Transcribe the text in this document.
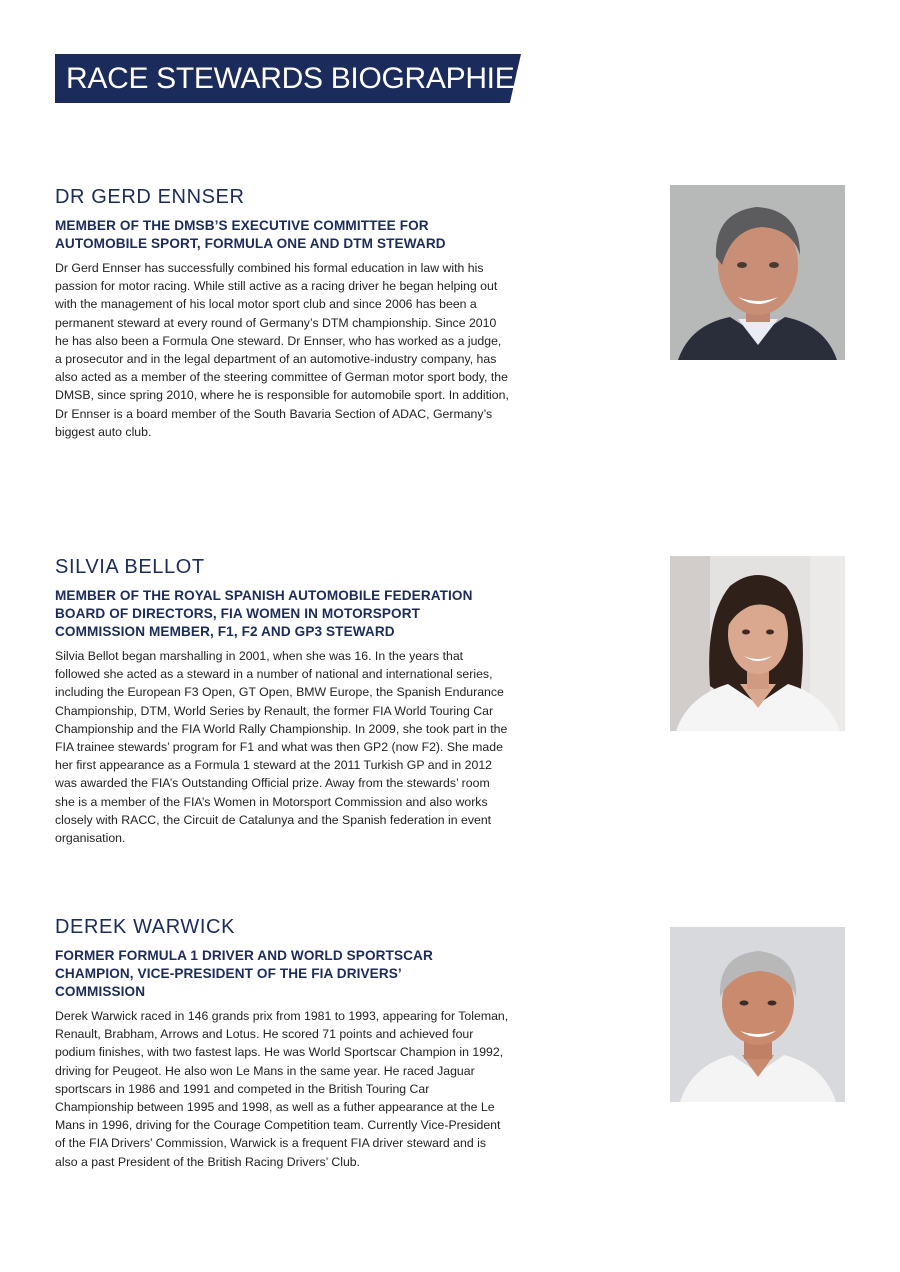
RACE STEWARDS BIOGRAPHIES
DR GERD ENNSER
MEMBER OF THE DMSB’S EXECUTIVE COMMITTEE FOR AUTOMOBILE SPORT, FORMULA ONE AND DTM STEWARD

Dr Gerd Ennser has successfully combined his formal education in law with his passion for motor racing. While still active as a racing driver he began helping out with the management of his local motor sport club and since 2006 has been a permanent steward at every round of Germany’s DTM championship. Since 2010 he has also been a Formula One steward. Dr Ennser, who has worked as a judge, a prosecutor and in the legal department of an automotive-industry company, has also acted as a member of the steering committee of German motor sport body, the DMSB, since spring 2010, where he is responsible for automobile sport. In addition, Dr Ennser is a board member of the South Bavaria Section of ADAC, Germany’s biggest auto club.

SILVIA BELLOT
MEMBER OF THE ROYAL SPANISH AUTOMOBILE FEDERATION BOARD OF DIRECTORS, FIA WOMEN IN MOTORSPORT COMMISSION MEMBER, F1, F2 AND GP3 STEWARD

Silvia Bellot began marshalling in 2001, when she was 16. In the years that followed she acted as a steward in a number of national and international series, including the European F3 Open, GT Open, BMW Europe, the Spanish Endurance Championship, DTM, World Series by Renault, the former FIA World Touring Car Championship and the FIA World Rally Championship. In 2009, she took part in the FIA trainee stewards’ program for F1 and what was then GP2 (now F2). She made her first appearance as a Formula 1 steward at the 2011 Turkish GP and in 2012 was awarded the FIA’s Outstanding Official prize. Away from the stewards’ room she is a member of the FIA’s Women in Motorsport Commission and also works closely with RACC, the Circuit de Catalunya and the Spanish federation in event organisation.

DEREK WARWICK
FORMER FORMULA 1 DRIVER AND WORLD SPORTSCAR CHAMPION, VICE-PRESIDENT OF THE FIA DRIVERS’ COMMISSION

Derek Warwick raced in 146 grands prix from 1981 to 1993, appearing for Toleman, Renault, Brabham, Arrows and Lotus. He scored 71 points and achieved four podium finishes, with two fastest laps. He was World Sportscar Champion in 1992, driving for Peugeot. He also won Le Mans in the same year. He raced Jaguar sportscars in 1986 and 1991 and competed in the British Touring Car Championship between 1995 and 1998, as well as a futher appearance at the Le Mans in 1996, driving for the Courage Competition team. Currently Vice-President of the FIA Drivers’ Commission, Warwick is a frequent FIA driver steward and is also a past President of the British Racing Drivers’ Club.
